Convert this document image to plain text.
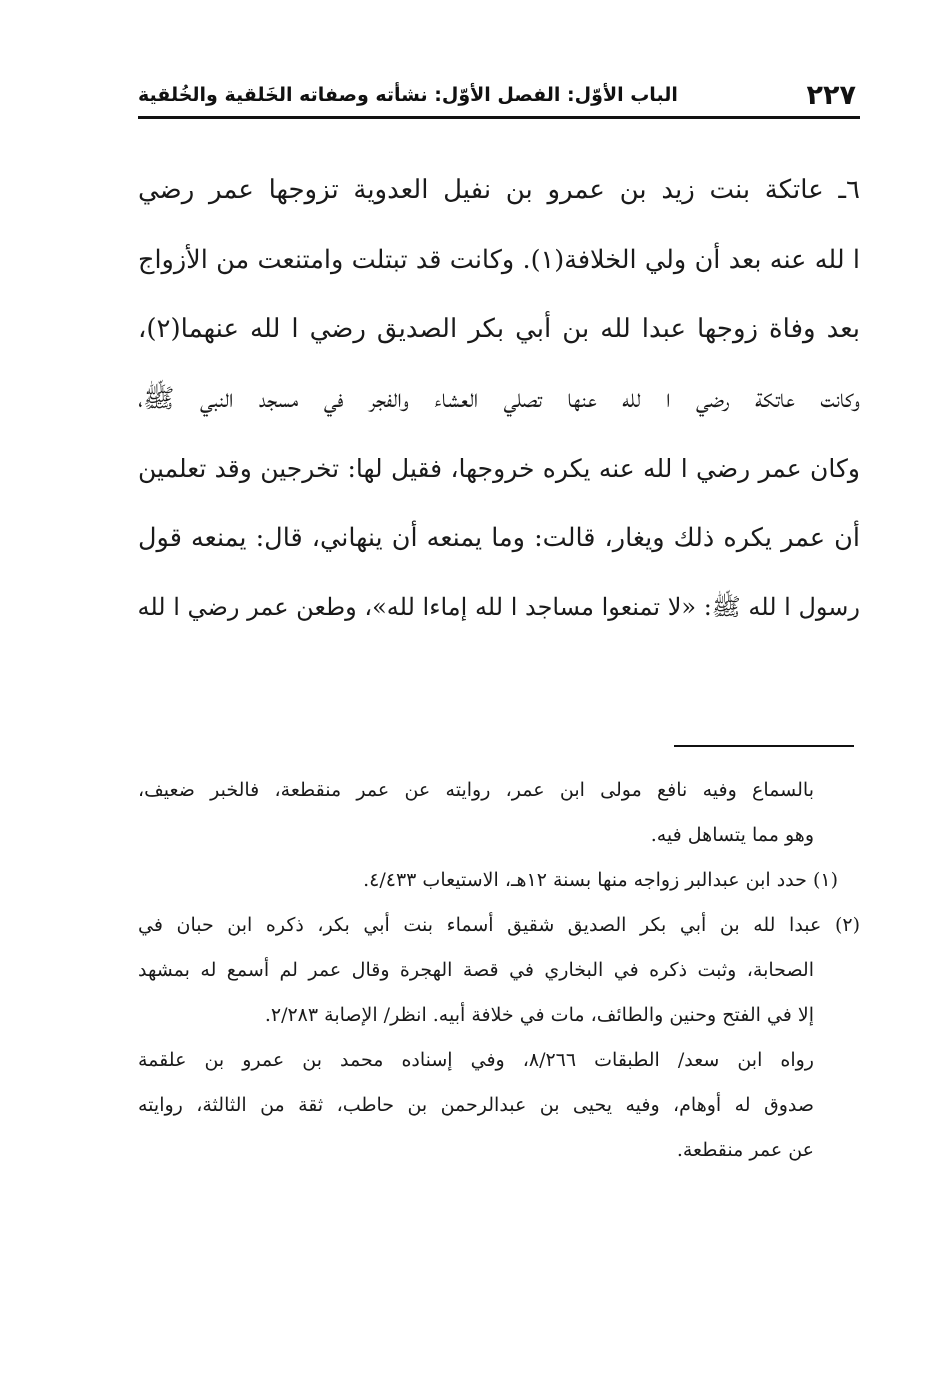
٢٢٧
الباب الأوّل: الفصل الأوّل: نشأته وصفاته الخَلقية والخُلقية
٦ـ عاتكة بنت زيد بن عمرو بن نفيل العدوية تزوجها عمر رضي
ا لله عنه بعد أن ولي الخلافة(١). وكانت قد تبتلت وامتنعت من الأزواج
بعد وفاة زوجها عبدا لله بن أبي بكر الصديق رضي ا لله عنهما(٢)،
وكانت عاتكة رضي ا لله عنها تصلي العشاء والفجر في مسجد النبي ﷺ،
وكان عمر رضي ا لله عنه يكره خروجها، فقيل لها: تخرجين وقد تعلمين
أن عمر يكره ذلك ويغار، قالت: وما يمنعه أن ينهاني، قال: يمنعه قول
رسول ا لله ﷺ: «لا تمنعوا مساجد ا لله إماءا لله»، وطعن عمر رضي ا لله
بالسماع وفيه نافع مولى ابن عمر، روايته عن عمر منقطعة، فالخبر ضعيف،
وهو مما يتساهل فيه.
(١) حدد ابن عبدالبر زواجه منها بسنة ١٢هـ، الاستيعاب ٤/٤٣٣.
(٢) عبدا لله بن أبي بكر الصديق شقيق أسماء بنت أبي بكر، ذكره ابن حبان في
الصحابة، وثبت ذكره في البخاري في قصة الهجرة وقال عمر لم أسمع له بمشهد
إلا في الفتح وحنين والطائف، مات في خلافة أبيه. انظر/ الإصابة ٢/٢٨٣.
رواه ابن سعد/ الطبقات ٨/٢٦٦، وفي إسناده محمد بن عمرو بن علقمة
صدوق له أوهام، وفيه يحيى بن عبدالرحمن بن حاطب، ثقة من الثالثة، روايته
عن عمر منقطعة.
